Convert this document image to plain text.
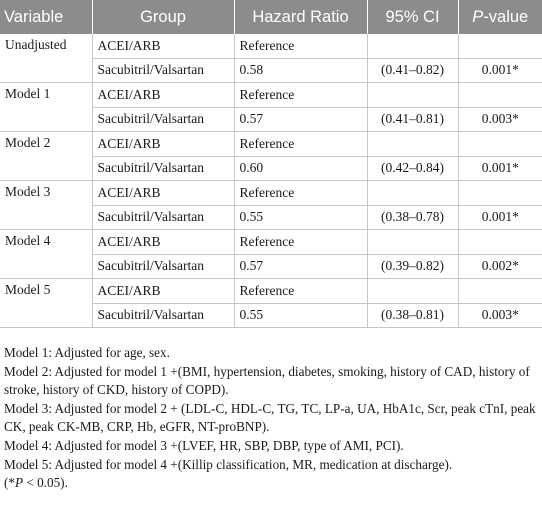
Variable	Group	Hazard Ratio	95% CI	P-value
Unadjusted	ACEI/ARB	Reference		
	Sacubitril/Valsartan	0.58	(0.41–0.82)	0.001*
Model 1	ACEI/ARB	Reference		
	Sacubitril/Valsartan	0.57	(0.41–0.81)	0.003*
Model 2	ACEI/ARB	Reference		
	Sacubitril/Valsartan	0.60	(0.42–0.84)	0.001*
Model 3	ACEI/ARB	Reference		
	Sacubitril/Valsartan	0.55	(0.38–0.78)	0.001*
Model 4	ACEI/ARB	Reference		
	Sacubitril/Valsartan	0.57	(0.39–0.82)	0.002*
Model 5	ACEI/ARB	Reference		
	Sacubitril/Valsartan	0.55	(0.38–0.81)	0.003*

Model 1: Adjusted for age, sex.

Model 2: Adjusted for model 1 +(BMI, hypertension, diabetes, smoking, history of CAD, history of stroke, history of CKD, history of COPD).

Model 3: Adjusted for model 2 + (LDL-C, HDL-C, TG, TC, LP-a, UA, HbA1c, Scr, peak cTnI, peak CK, peak CK-MB, CRP, Hb, eGFR, NT-proBNP).

Model 4: Adjusted for model 3 +(LVEF, HR, SBP, DBP, type of AMI, PCI).

Model 5: Adjusted for model 4 +(Killip classification, MR, medication at discharge).

(*P < 0.05).
